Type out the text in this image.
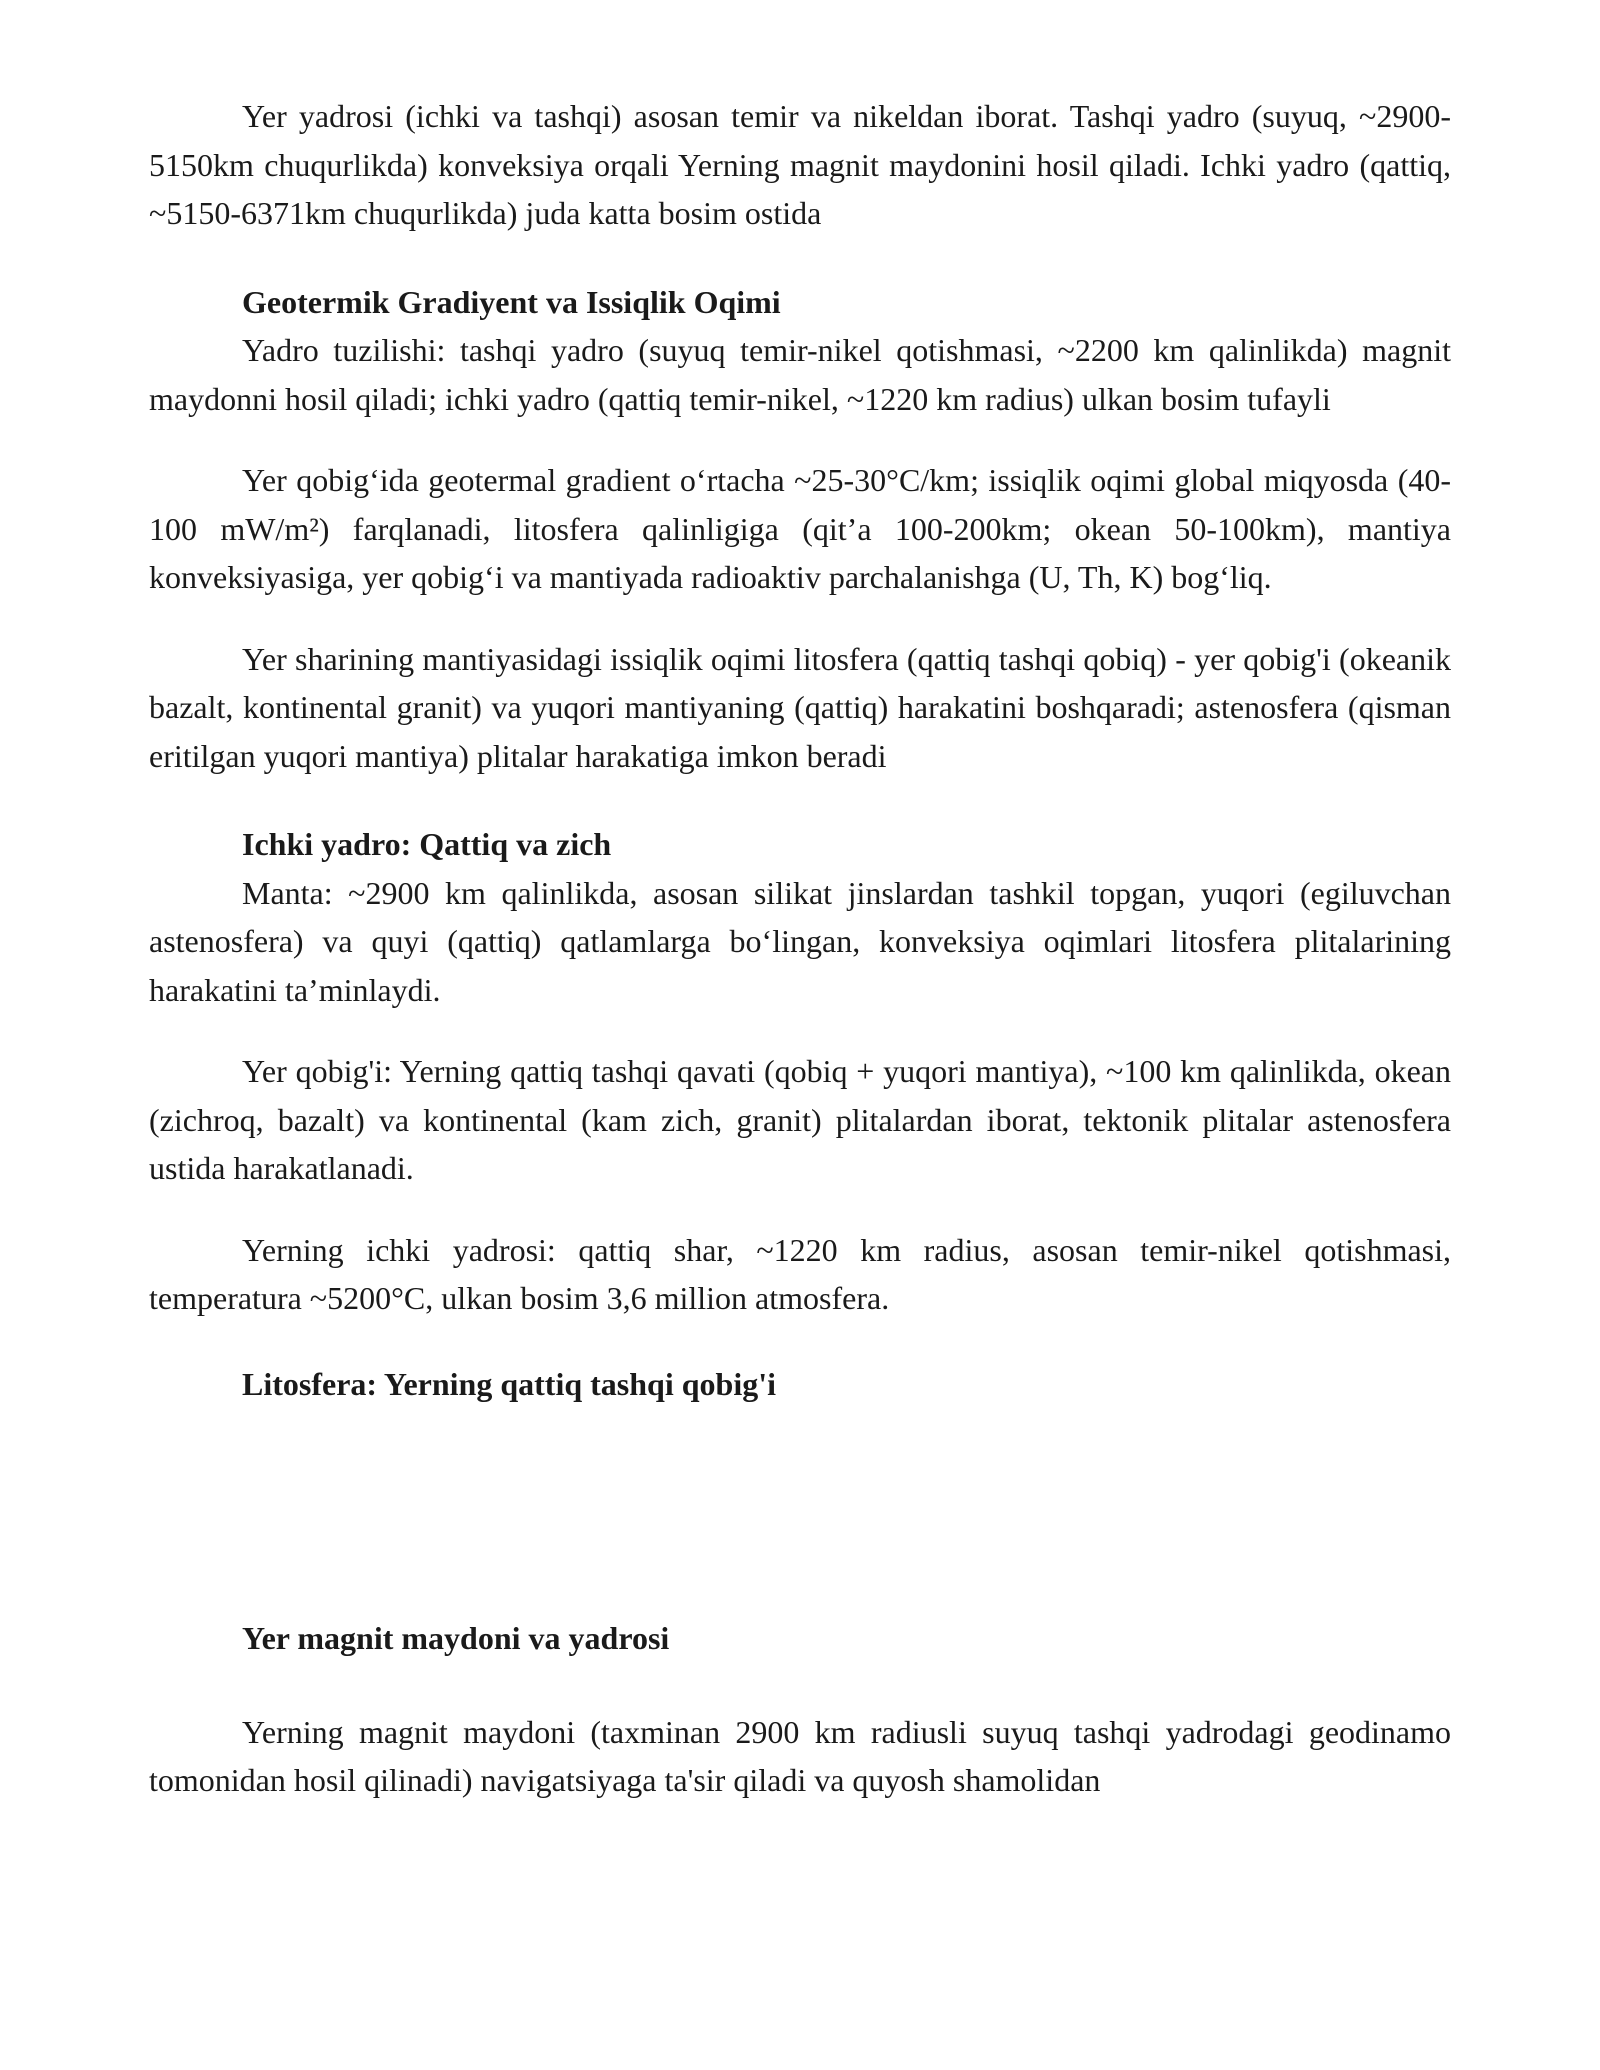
Yer yadrosi (ichki va tashqi) asosan temir va nikeldan iborat. Tashqi yadro (suyuq, ~2900-5150km chuqurlikda) konveksiya orqali Yerning magnit maydonini hosil qiladi. Ichki yadro (qattiq, ~5150-6371km chuqurlikda) juda katta bosim ostida

Geotermik Gradiyent va Issiqlik Oqimi

Yadro tuzilishi: tashqi yadro (suyuq temir-nikel qotishmasi, ~2200 km qalinlikda) magnit maydonni hosil qiladi; ichki yadro (qattiq temir-nikel, ~1220 km radius) ulkan bosim tufayli

Yer qobig‘ida geotermal gradient o‘rtacha ~25-30°C/km; issiqlik oqimi global miqyosda (40-100 mW/m²) farqlanadi, litosfera qalinligiga (qit’a 100-200km; okean 50-100km), mantiya konveksiyasiga, yer qobig‘i va mantiyada radioaktiv parchalanishga (U, Th, K) bog‘liq.

Yer sharining mantiyasidagi issiqlik oqimi litosfera (qattiq tashqi qobiq) - yer qobig'i (okeanik bazalt, kontinental granit) va yuqori mantiyaning (qattiq) harakatini boshqaradi; astenosfera (qisman eritilgan yuqori mantiya) plitalar harakatiga imkon beradi

Ichki yadro: Qattiq va zich

Manta: ~2900 km qalinlikda, asosan silikat jinslardan tashkil topgan, yuqori (egiluvchan astenosfera) va quyi (qattiq) qatlamlarga bo‘lingan, konveksiya oqimlari litosfera plitalarining harakatini ta’minlaydi.

Yer qobig'i: Yerning qattiq tashqi qavati (qobiq + yuqori mantiya), ~100 km qalinlikda, okean (zichroq, bazalt) va kontinental (kam zich, granit) plitalardan iborat, tektonik plitalar astenosfera ustida harakatlanadi.

Yerning ichki yadrosi: qattiq shar, ~1220 km radius, asosan temir-nikel qotishmasi, temperatura ~5200°C, ulkan bosim 3,6 million atmosfera.

Litosfera: Yerning qattiq tashqi qobig'i

Yer magnit maydoni va yadrosi

Yerning magnit maydoni (taxminan 2900 km radiusli suyuq tashqi yadrodagi geodinamo tomonidan hosil qilinadi) navigatsiyaga ta'sir qiladi va quyosh shamolidan
